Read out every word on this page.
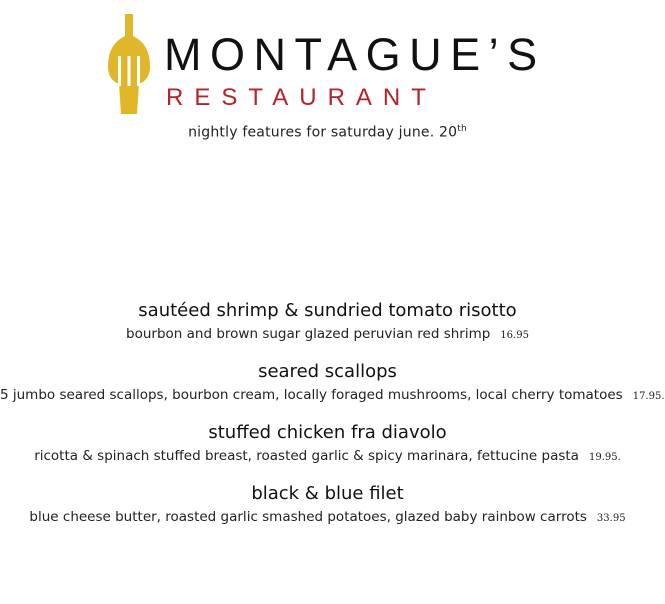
MONTAGUE’S
RESTAURANT
nightly features for saturday june. 20th
sautéed shrimp & sundried tomato risotto
bourbon and brown sugar glazed peruvian red shrimp 16.95
seared scallops
5 jumbo seared scallops, bourbon cream, locally foraged mushrooms, local cherry tomatoes 17.95.
stuffed chicken fra diavolo
ricotta & spinach stuffed breast, roasted garlic & spicy marinara, fettucine pasta 19.95.
black & blue filet
blue cheese butter, roasted garlic smashed potatoes, glazed baby rainbow carrots 33.95
